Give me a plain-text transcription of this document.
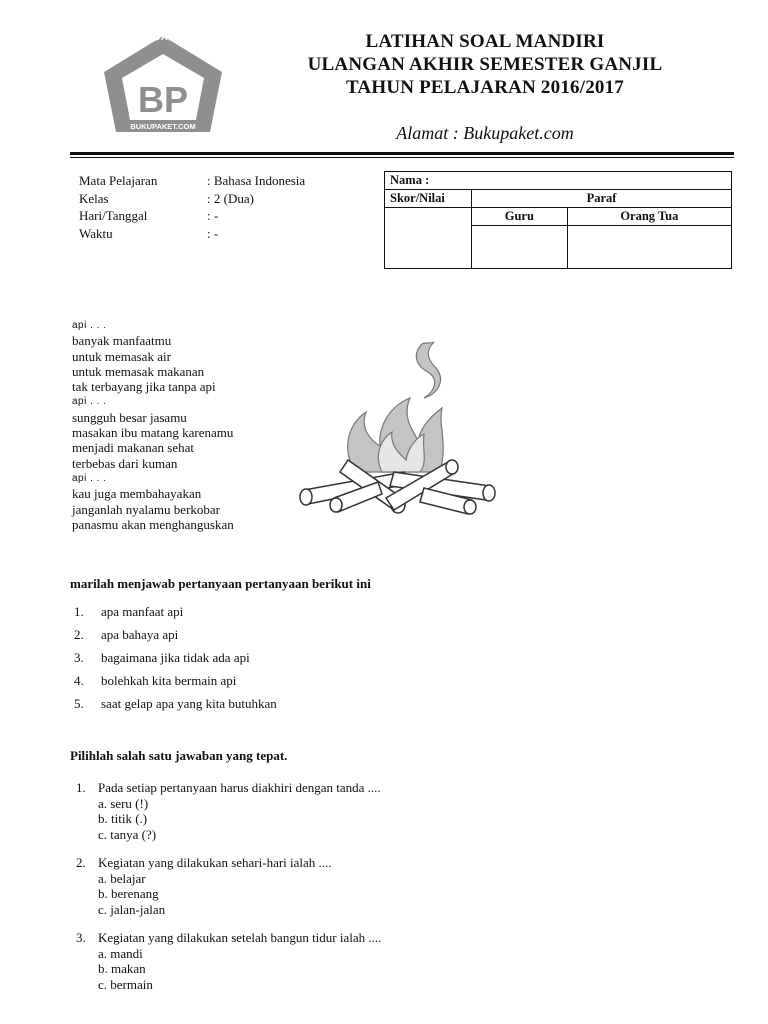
LATIHAN SOAL LENGKAP
BP
BUKUPAKET.COM
LATIHAN SOAL MANDIRI
ULANGAN AKHIR SEMESTER GANJIL
TAHUN PELAJARAN 2016/2017
Alamat : Bukupaket.com
Mata Pelajaran	: Bahasa Indonesia
Kelas	: 2 (Dua)
Hari/Tanggal	: -
Waktu	: -
Nama :		
Skor/Nilai	Paraf	
	Guru	Orang Tua

api . . .
banyak manfaatmu
untuk memasak air
untuk memasak makanan
tak terbayang jika tanpa api
api . . .
sungguh besar jasamu
masakan ibu matang karenamu
menjadi makanan sehat
terbebas dari kuman
api . . .
kau juga membahayakan
janganlah nyalamu berkobar
panasmu akan menghanguskan
marilah menjawab pertanyaan pertanyaan berikut ini
1.	apa manfaat api
2.	apa bahaya api
3.	bagaimana jika tidak ada api
4.	bolehkah kita bermain api
5.	saat gelap apa yang kita butuhkan
Pilihlah salah satu jawaban yang tepat.
1. Pada setiap pertanyaan harus diakhiri dengan tanda ....
a. seru (!)
b. titik (.)
c. tanya (?)
2. Kegiatan yang dilakukan sehari-hari ialah ....
a. belajar
b. berenang
c. jalan-jalan
3. Kegiatan yang dilakukan setelah bangun tidur ialah ....
a. mandi
b. makan
c. bermain
